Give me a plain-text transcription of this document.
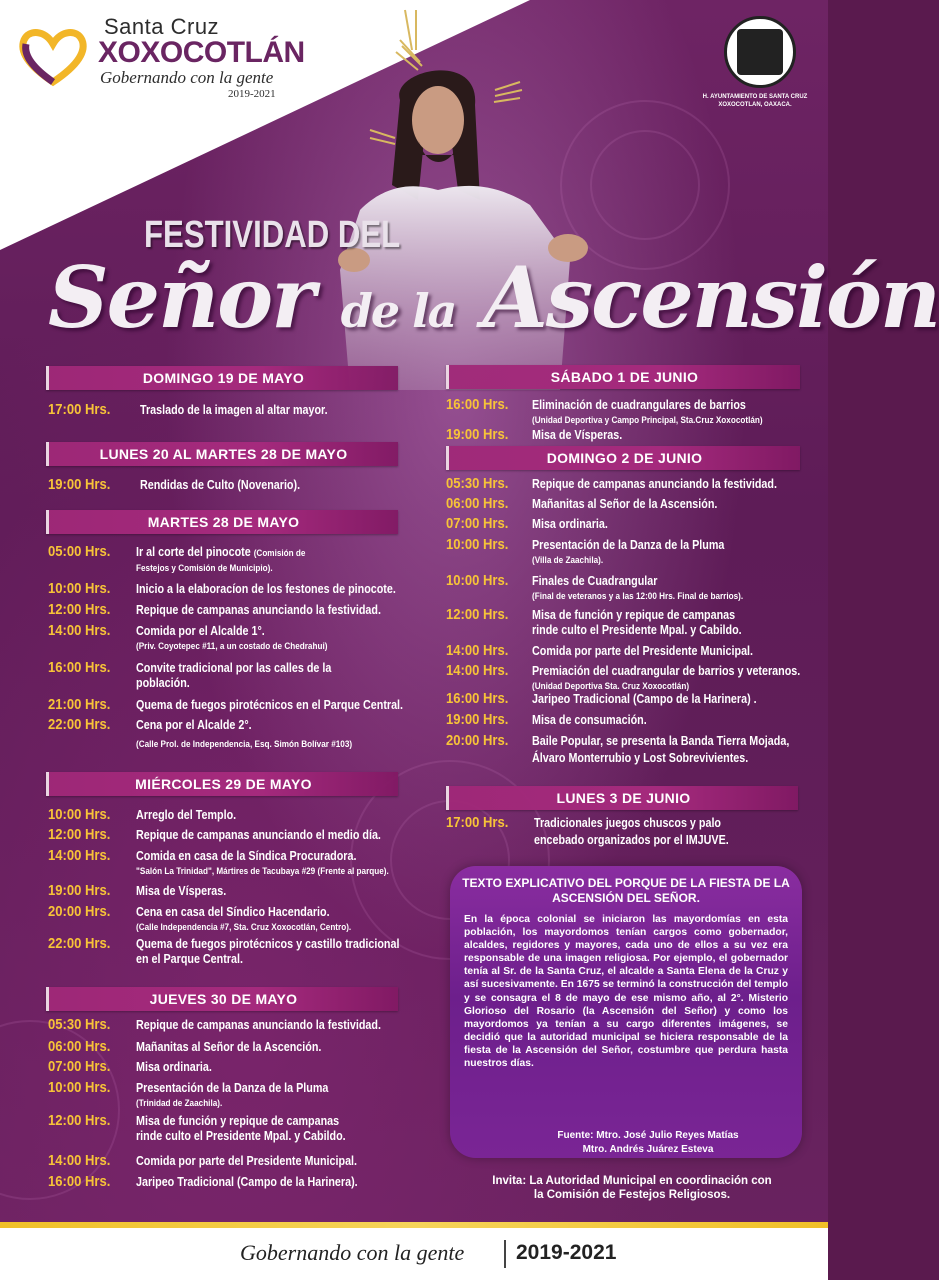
Santa Cruz
XOXOCOTLÁN
Gobernando con la gente
2019-2021	H. AYUNTAMIENTO DE SANTA CRUZ XOXOCOTLAN, OAXACA.
FESTIVIDAD DEL
Señor de la Ascensión
DOMINGO 19 DE MAYO
17:00 Hrs. Traslado de la imagen al altar mayor.
LUNES 20 AL MARTES 28 DE MAYO
19:00 Hrs. Rendidas de Culto (Novenario).
MARTES 28 DE MAYO
05:00 Hrs. Ir al corte del pinocote (Comisión de
Festejos y Comisión de Municipio).
10:00 Hrs. Inicio a la elaboracíon de los festones de pinocote.
12:00 Hrs. Repique de campanas anunciando la festividad.
14:00 Hrs. Comida por el Alcalde 1°.
(Priv. Coyotepec #11, a un costado de Chedrahui)
16:00 Hrs. Convite tradicional por las calles de la
población.
21:00 Hrs. Quema de fuegos pirotécnicos en el Parque Central.
22:00 Hrs. Cena por el Alcalde 2°.
(Calle Prol. de Independencia, Esq. Simón Bolívar #103)
MIÉRCOLES 29 DE MAYO
10:00 Hrs. Arreglo del Templo.
12:00 Hrs. Repique de campanas anunciando el medio día.
14:00 Hrs. Comida en casa de la Síndica Procuradora.
"Salón La Trinidad", Mártires de Tacubaya #29 (Frente al parque).
19:00 Hrs. Misa de Vísperas.
20:00 Hrs. Cena en casa del Síndico Hacendario.
(Calle Independencia #7, Sta. Cruz Xoxocotlán, Centro).
22:00 Hrs. Quema de fuegos pirotécnicos y castillo tradicional
en el Parque Central.
JUEVES 30 DE MAYO
05:30 Hrs. Repique de campanas anunciando la festividad.
06:00 Hrs. Mañanitas al Señor de la Ascención.
07:00 Hrs. Misa ordinaria.
10:00 Hrs. Presentación de la Danza de la Pluma
(Trinidad de Zaachila).
12:00 Hrs. Misa de función y repique de campanas
rinde culto el Presidente Mpal. y Cabildo.
14:00 Hrs. Comida por parte del Presidente Municipal.
16:00 Hrs. Jaripeo Tradicional (Campo de la Harinera).
SÁBADO 1 DE JUNIO
16:00 Hrs. Eliminación de cuadrangulares de barrios
(Unidad Deportiva y Campo Principal, Sta.Cruz Xoxocotlán)
19:00 Hrs. Misa de Vísperas.
DOMINGO 2 DE JUNIO
05:30 Hrs. Repique de campanas anunciando la festividad.
06:00 Hrs. Mañanitas al Señor de la Ascensión.
07:00 Hrs. Misa ordinaria.
10:00 Hrs. Presentación de la Danza de la Pluma
(Villa de Zaachila).
10:00 Hrs. Finales de Cuadrangular
(Final de veteranos y a las 12:00 Hrs. Final de barrios).
12:00 Hrs. Misa de función y repique de campanas
rinde culto el Presidente Mpal. y Cabildo.
14:00 Hrs. Comida por parte del Presidente Municipal.
14:00 Hrs. Premiación del cuadrangular de barrios y veteranos.
(Unidad Deportiva Sta. Cruz Xoxocotlán)
16:00 Hrs. Jaripeo Tradicional (Campo de la Harinera) .
19:00 Hrs. Misa de consumación.
20:00 Hrs. Baile Popular, se presenta la Banda Tierra Mojada,
Álvaro Monterrubio y Lost Sobrevivientes.
LUNES 3 DE JUNIO
17:00 Hrs. Tradicionales juegos chuscos y palo
encebado organizados por el IMJUVE.
TEXTO EXPLICATIVO DEL PORQUE DE LA FIESTA DE LA ASCENSIÓN DEL SEÑOR.
En la época colonial se iniciaron las mayordomías en esta población, los mayordomos tenían cargos como gobernador, alcaldes, regidores y mayores, cada uno de ellos a su vez era responsable de una imagen religiosa. Por ejemplo, el gobernador tenía al Sr. de la Santa Cruz, el alcalde a Santa Elena de la Cruz y así sucesivamente. En 1675 se terminó la construcción del templo y se consagra el 8 de mayo de ese mismo año, al 2°. Misterio Glorioso del Rosario (la Ascensión del Señor) y como los mayordomos ya tenían a su cargo diferentes imágenes, se decidió que la autoridad municipal se hiciera responsable de la fiesta de la Ascensión del Señor, costumbre que perdura hasta nuestros días.
Fuente: Mtro. José Julio Reyes Matías
Mtro. Andrés Juárez Esteva
Invita: La Autoridad Municipal en coordinación con
la Comisión de Festejos Religiosos.
Gobernando con la gente 2019-2021
